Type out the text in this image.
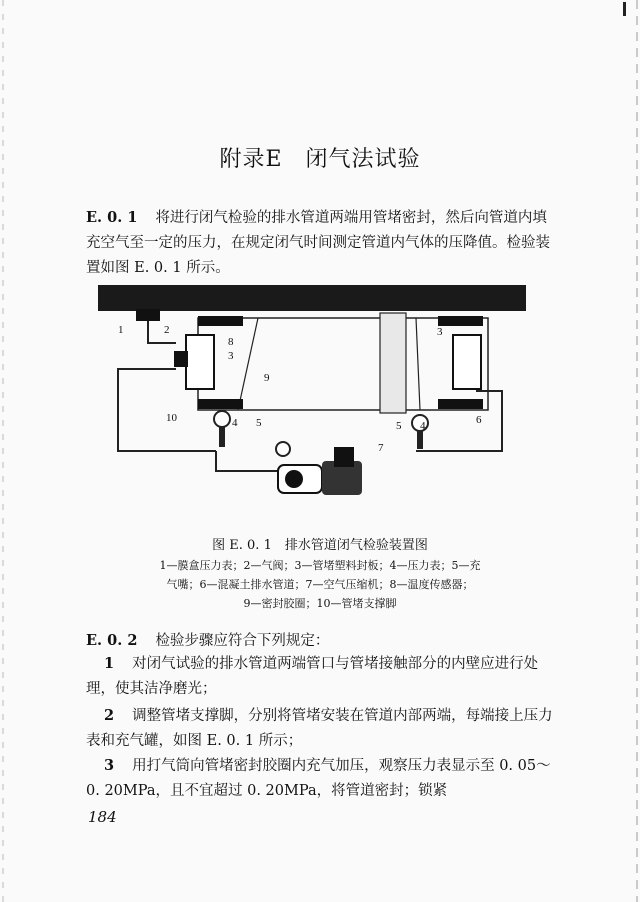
附录E　闭气法试验
E. 0. 1 将进行闭气检验的排水管道两端用管堵密封，然后向管道内填充空气至一定的压力，在规定闭气时间测定管道内气体的压降值。检验装置如图 E. 0. 1 所示。
1	2
8
3
9
10	4 5
3
6
4
5
7
图 E. 0. 1　排水管道闭气检验装置图
1—膜盒压力表；2—气阀；3—管堵塑料封板；4—压力表；5—充
气嘴；6—混凝土排水管道；7—空气压缩机；8—温度传感器；
9—密封胶圈；10—管堵支撑脚
E. 0. 2 检验步骤应符合下列规定：
1 对闭气试验的排水管道两端管口与管堵接触部分的内壁应进行处理，使其洁净磨光；
2 调整管堵支撑脚，分别将管堵安装在管道内部两端，每端接上压力表和充气罐，如图 E. 0. 1 所示；
3 用打气筒向管堵密封胶圈内充气加压，观察压力表显示至 0. 05～0. 20MPa，且不宜超过 0. 20MPa，将管道密封；锁紧
184
